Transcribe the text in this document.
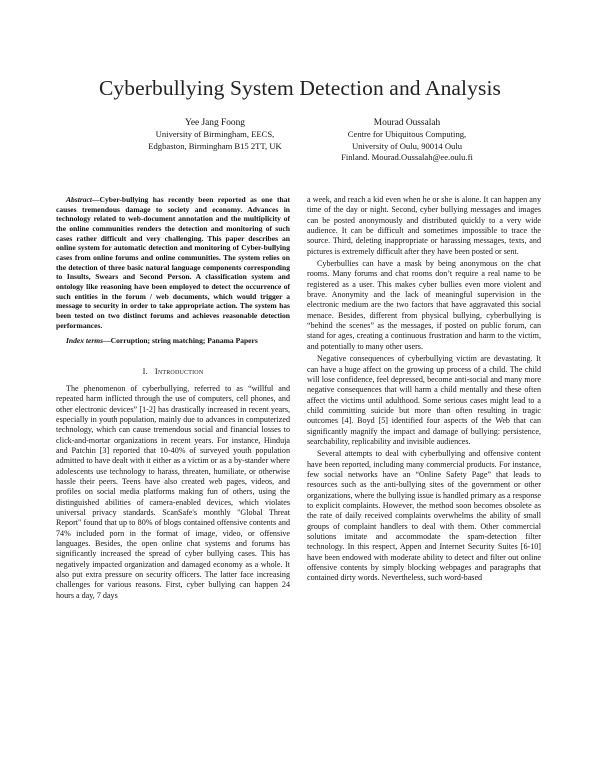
Cyberbullying System Detection and Analysis
Yee Jang Foong
University of Birmingham, EECS,
Edgbaston, Birmingham B15 2TT, UK
Mourad Oussalah
Centre for Ubiquitous Computing,
University of Oulu, 90014 Oulu
Finland. Mourad.Oussalah@ee.oulu.fi

Abstract—Cyber-bullying has recently been reported as one that causes tremendous damage to society and economy. Advances in technology related to web-document annotation and the multiplicity of the online communities renders the detection and monitoring of such cases rather difficult and very challenging. This paper describes an online system for automatic detection and monitoring of Cyber-bullying cases from online forums and online communities. The system relies on the detection of three basic natural language components corresponding to Insults, Swears and Second Person. A classification system and ontology like reasoning have been employed to detect the occurrence of such entities in the forum / web documents, which would trigger a message to security in order to take appropriate action. The system has been tested on two distinct forums and achieves reasonable detection performances.

Index terms—Corruption; string matching; Panama Papers

I. Introduction

The phenomenon of cyberbullying, referred to as “willful and repeated harm inflicted through the use of computers, cell phones, and other electronic devices” [1-2] has drastically increased in recent years, especially in youth population, mainly due to advances in computerized technology, which can cause tremendous social and financial losses to click-and-mortar organizations in recent years. For instance, Hinduja and Patchin [3] reported that 10-40% of surveyed youth population admitted to have dealt with it either as a victim or as a by-stander where adolescents use technology to harass, threaten, humiliate, or otherwise hassle their peers. Teens have also created web pages, videos, and profiles on social media platforms making fun of others, using the distinguished abilities of camera-enabled devices, which violates universal privacy standards. ScanSafe's monthly "Global Threat Report" found that up to 80% of blogs contained offensive contents and 74% included porn in the format of image, video, or offensive languages. Besides, the open online chat systems and forums has significantly increased the spread of cyber bullying cases. This has negatively impacted organization and damaged economy as a whole. It also put extra pressure on security officers. The latter face increasing challenges for various reasons. First, cyber bullying can happen 24 hours a day, 7 days

a week, and reach a kid even when he or she is alone. It can happen any time of the day or night. Second, cyber bullying messages and images can be posted anonymously and distributed quickly to a very wide audience. It can be difficult and sometimes impossible to trace the source. Third, deleting inappropriate or harassing messages, texts, and pictures is extremely difficult after they have been posted or sent.

Cyberbullies can have a mask by being anonymous on the chat rooms. Many forums and chat rooms don’t require a real name to be registered as a user. This makes cyber bullies even more violent and brave. Anonymity and the lack of meaningful supervision in the electronic medium are the two factors that have aggravated this social menace. Besides, different from physical bullying, cyberbullying is “behind the scenes” as the messages, if posted on public forum, can stand for ages, creating a continuous frustration and harm to the victim, and potentially to many other users.

Negative consequences of cyberbullying victim are devastating. It can have a huge affect on the growing up process of a child. The child will lose confidence, feel depressed, become anti-social and many more negative consequences that will harm a child mentally and these often affect the victims until adulthood. Some serious cases might lead to a child committing suicide but more than often resulting in tragic outcomes [4]. Boyd [5] identified four aspects of the Web that can significantly magnify the impact and damage of bullying: persistence, searchability, replicability and invisible audiences.

Several attempts to deal with cyberbullying and offensive content have been reported, including many commercial products. For instance, few social networks have an “Online Safety Page” that leads to resources such as the anti-bullying sites of the government or other organizations, where the bullying issue is handled primary as a response to explicit complaints. However, the method soon becomes obsolete as the rate of daily received complaints overwhelms the ability of small groups of complaint handlers to deal with them. Other commercial solutions imitate and accommodate the spam-detection filter technology. In this respect, Appen and Internet Security Suites [6-10] have been endowed with moderate ability to detect and filter out online offensive contents by simply blocking webpages and paragraphs that contained dirty words. Nevertheless, such word-based
